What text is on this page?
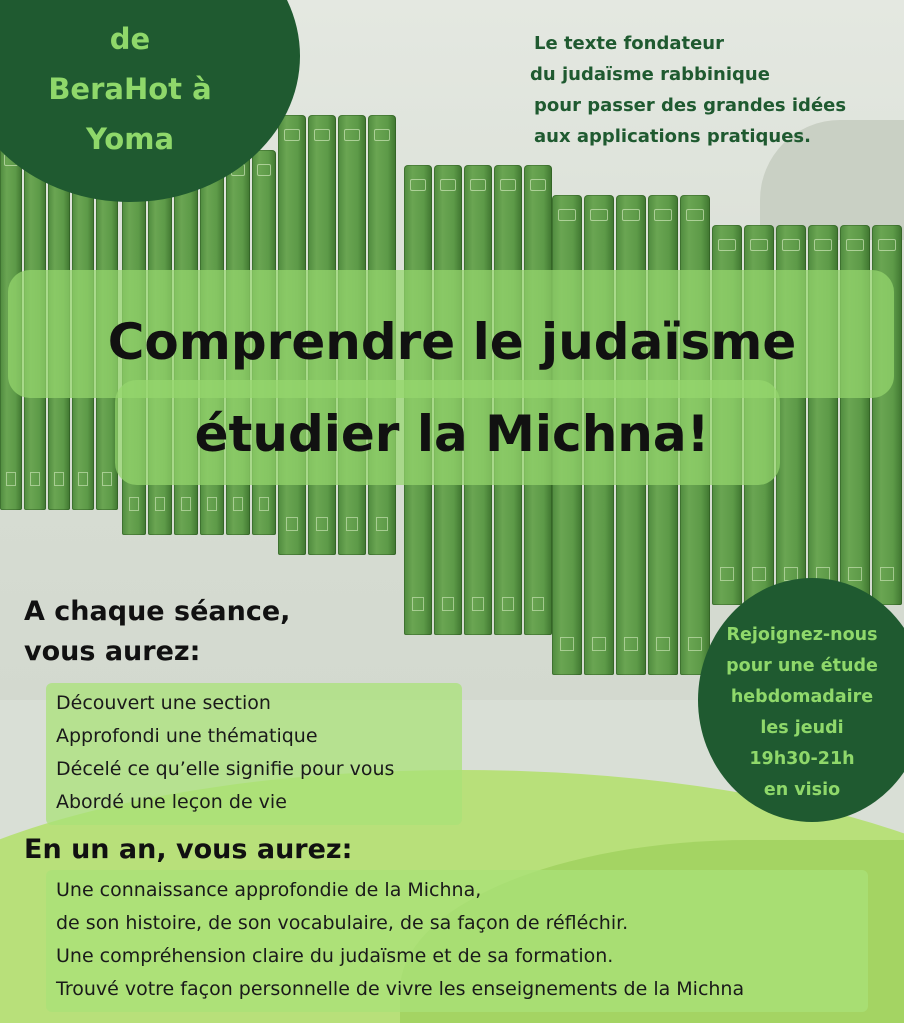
de
BeraHot à
Yoma
Le texte fondateur
du judaïsme rabbinique
pour passer des grandes idées
aux applications pratiques.
Comprendre le judaïsme
étudier la Michna!
Rejoignez-nous
pour une étude
hebdomadaire
les jeudi
19h30-21h
en visio
A chaque séance,
vous aurez:
Découvert une section
Approfondi une thématique
Décelé ce qu’elle signifie pour vous
Abordé une leçon de vie
En un an, vous aurez:
Une connaissance approfondie de la Michna,
de son histoire, de son vocabulaire, de sa façon de réfléchir.
Une compréhension claire du judaïsme et de sa formation.
Trouvé votre façon personnelle de vivre les enseignements de la Michna
